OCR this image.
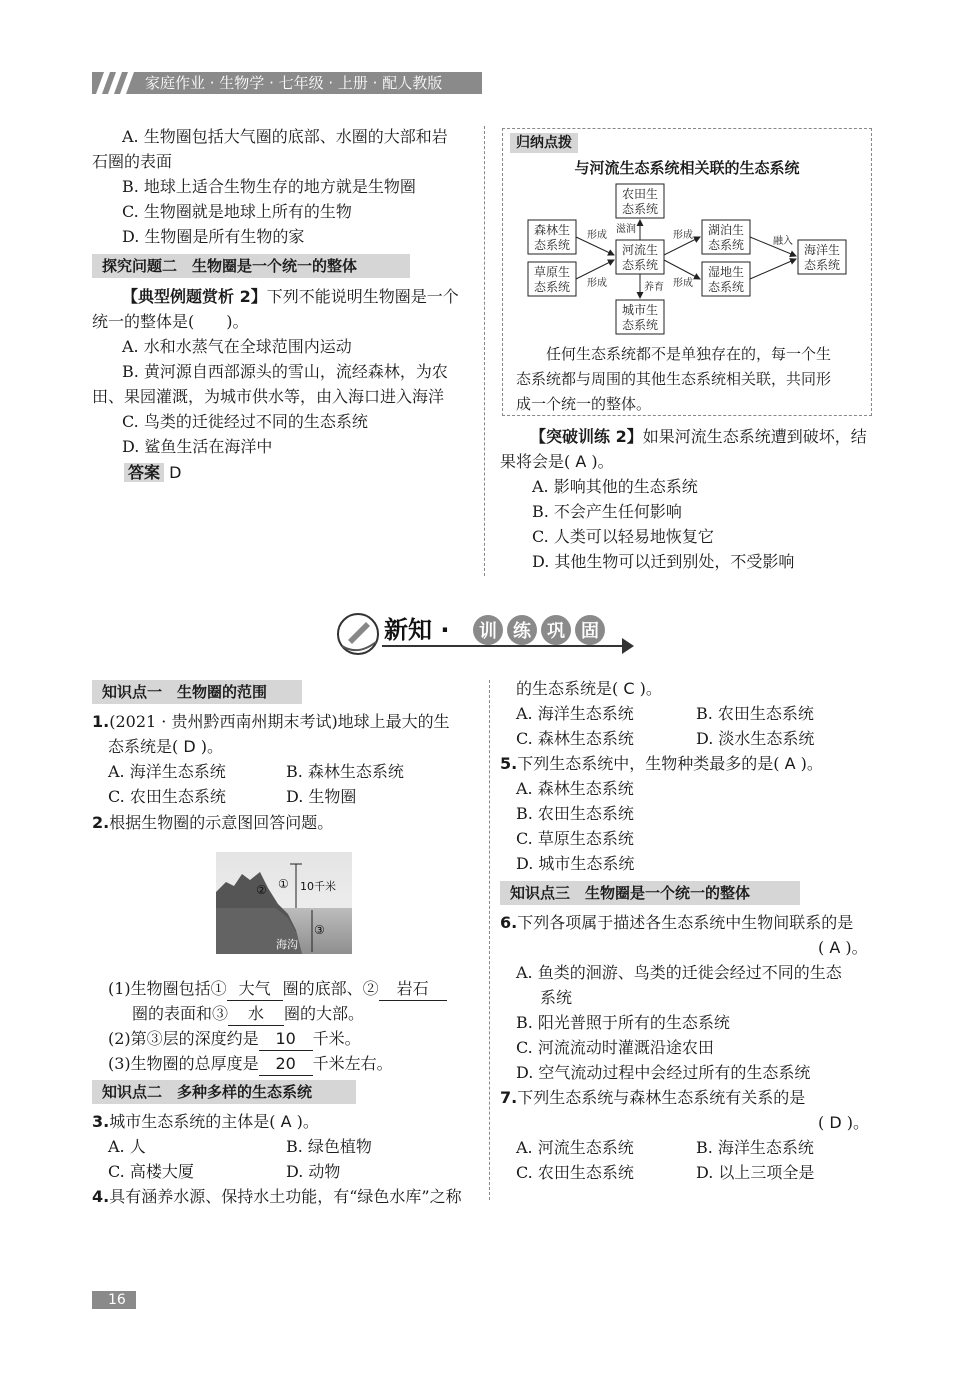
家庭作业 · 生物学 · 七年级 · 上册 · 配人教版
A. 生物圈包括大气圈的底部、水圈的大部和岩
石圈的表面
B. 地球上适合生物生存的地方就是生物圈
C. 生物圈就是地球上所有的生物
D. 生物圈是所有生物的家
探究问题二　生物圈是一个统一的整体
【典型例题赏析 2】下列不能说明生物圈是一个
统一的整体是(　　)。
A. 水和水蒸气在全球范围内运动
B. 黄河源自西部源头的雪山，流经森林，为农
田、果园灌溉，为城市供水等，由入海口进入海洋
C. 鸟类的迁徙经过不同的生态系统
D. 鲨鱼生活在海洋中
答案 D
归纳点拨
与河流生态系统相关联的生态系统
农田生
态系统
森林生
态系统
草原生
态系统
河流生
态系统
城市生
态系统
湖泊生
态系统
湿地生
态系统
海洋生
态系统
形成
形成
滋润
形成
形成
养育
融入
任何生态系统都不是单独存在的，每一个生
态系统都与周围的其他生态系统相关联，共同形
成一个统一的整体。
【突破训练 2】如果河流生态系统遭到破坏，结
果将会是( A )。
A. 影响其他的生态系统
B. 不会产生任何影响
C. 人类可以轻易地恢复它
D. 其他生物可以迁到别处，不受影响
新知 · 训 练 巩 固
知识点一　生物圈的范围
1.(2021 · 贵州黔西南州期末考试)地球上最大的生
态系统是( D )。
A. 海洋生态系统	B. 森林生态系统
C. 农田生态系统	D. 生物圈
2.根据生物圈的示意图回答问题。
①
②
③
10千米
海沟
(1)生物圈包括① 大气 圈的底部、② 岩石
圈的表面和③ 水 圈的大部。
(2)第③层的深度约是 10 千米。
(3)生物圈的总厚度是 20 千米左右。
知识点二　多种多样的生态系统
3.城市生态系统的主体是( A )。
A. 人	B. 绿色植物
C. 高楼大厦	D. 动物
4.具有涵养水源、保持水土功能，有“绿色水库”之称
的生态系统是( C )。
A. 海洋生态系统	B. 农田生态系统
C. 森林生态系统	D. 淡水生态系统
5.下列生态系统中，生物种类最多的是( A )。
A. 森林生态系统
B. 农田生态系统
C. 草原生态系统
D. 城市生态系统
知识点三　生物圈是一个统一的整体
6.下列各项属于描述各生态系统中生物间联系的是
( A )。
A. 鱼类的洄游、鸟类的迁徙会经过不同的生态
系统
B. 阳光普照于所有的生态系统
C. 河流流动时灌溉沿途农田
D. 空气流动过程中会经过所有的生态系统
7.下列生态系统与森林生态系统有关系的是
( D )。
A. 河流生态系统	B. 海洋生态系统
C. 农田生态系统	D. 以上三项全是
16
